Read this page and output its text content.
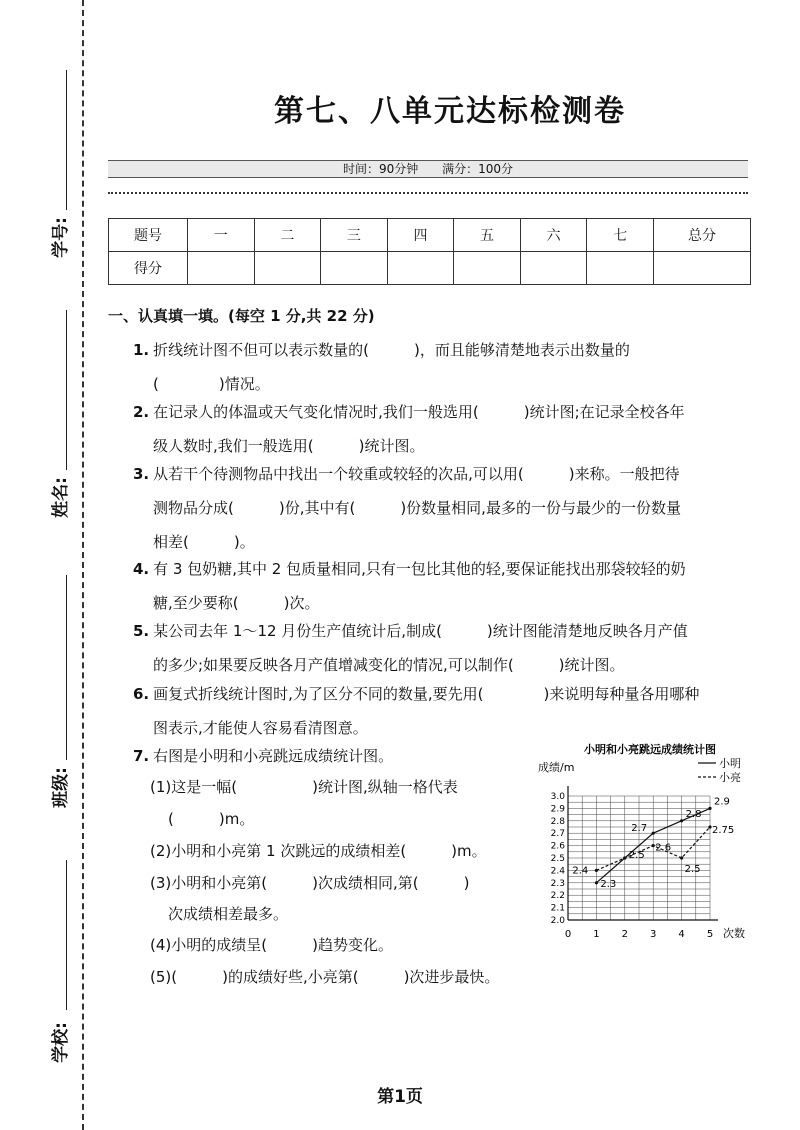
学号:
姓名:
班级:
学校:
第七、八单元达标检测卷
时间：90分钟 满分：100分
题号	一	二	三	四	五	六	七	总分
得分								
一、认真填一填。(每空 1 分,共 22 分)
1. 折线统计图不但可以表示数量的(　　　)，而且能够清楚地表示出数量的
(　　　　)情况。
2. 在记录人的体温或天气变化情况时,我们一般选用(　　　)统计图;在记录全校各年
级人数时,我们一般选用(　　　)统计图。
3. 从若干个待测物品中找出一个较重或较轻的次品,可以用(　　　)来称。一般把待
测物品分成(　　　)份,其中有(　　　)份数量相同,最多的一份与最少的一份数量
相差(　　　)。
4. 有 3 包奶糖,其中 2 包质量相同,只有一包比其他的轻,要保证能找出那袋较轻的奶
糖,至少要称(　　　)次。
5. 某公司去年 1～12 月份生产值统计后,制成(　　　)统计图能清楚地反映各月产值
的多少;如果要反映各月产值增减变化的情况,可以制作(　　　)统计图。
6. 画复式折线统计图时,为了区分不同的数量,要先用(　　　　)来说明每种量各用哪种
图表示,才能使人容易看清图意。
7. 右图是小明和小亮跳远成绩统计图。
(1)这是一幅(　　　　　)统计图,纵轴一格代表
(　　　)m。
(2)小明和小亮第 1 次跳远的成绩相差(　　　)m。
(3)小明和小亮第(　　　)次成绩相同,第(　　　)
次成绩相差最多。
(4)小明的成绩呈(　　　)趋势变化。
(5)(　　　)的成绩好些,小亮第(　　　)次进步最快。
小明和小亮跳远成绩统计图
成绩/m
次数
小明
小亮
2.0
2.1
2.2
2.3
2.4
2.5
2.6
2.7
2.8
2.9
3.0
0 1 2 3 4 5
2.3
2.5
2.7
2.8
2.9
2.4
2.6
2.5
2.75
第1页
